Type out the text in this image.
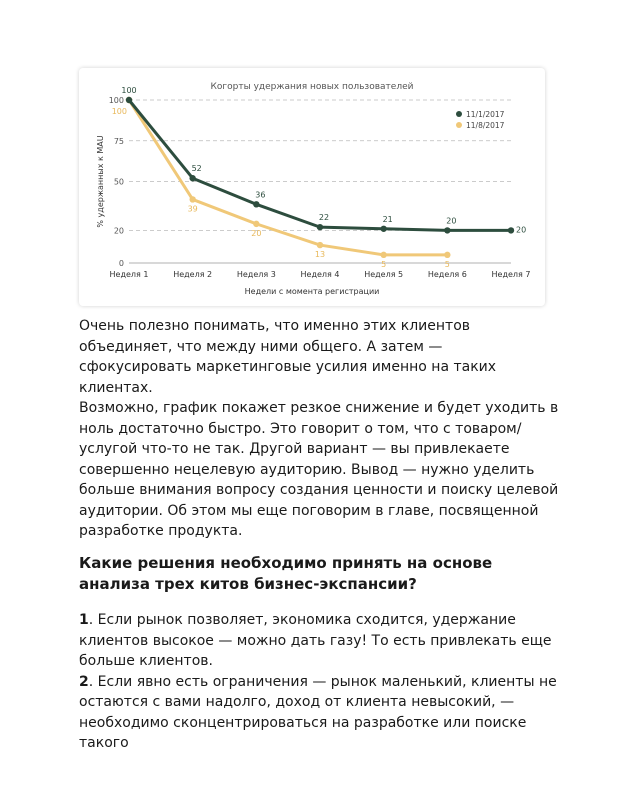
Когорты удержания новых пользователей
0
20
50
75
100
Неделя 1	Неделя 2	Неделя 3	Неделя 4	Неделя 5	Неделя 6	Неделя 7
Недели с момента регистрации
% удержанных к MAU
100
52
36
22	21	20
20
100
39
20
13
5	5
11/1/2017
11/8/2017

Очень полезно понимать, что именно этих клиентов объединяет, что между ними общего. А затем — сфокусировать маркетинговые усилия именно на таких клиентах.

Возможно, график покажет резкое снижение и будет уходить в ноль достаточно быстро. Это говорит о том, что с товаром/услугой что-то не так. Другой вариант — вы привлекаете совершенно нецелевую аудиторию. Вывод — нужно уделить больше внимания вопросу создания ценности и поиску целевой аудитории. Об этом мы еще поговорим в главе, посвященной разработке продукта.

Какие решения необходимо принять на основе анализа трех китов бизнес-экспансии?

1. Если рынок позволяет, экономика сходится, удержание клиентов высокое — можно дать газу! То есть привлекать еще больше клиентов.

2. Если явно есть ограничения — рынок маленький, клиенты не остаются с вами надолго, доход от клиента невысокий, — необходимо сконцентрироваться на разработке или поиске такого
